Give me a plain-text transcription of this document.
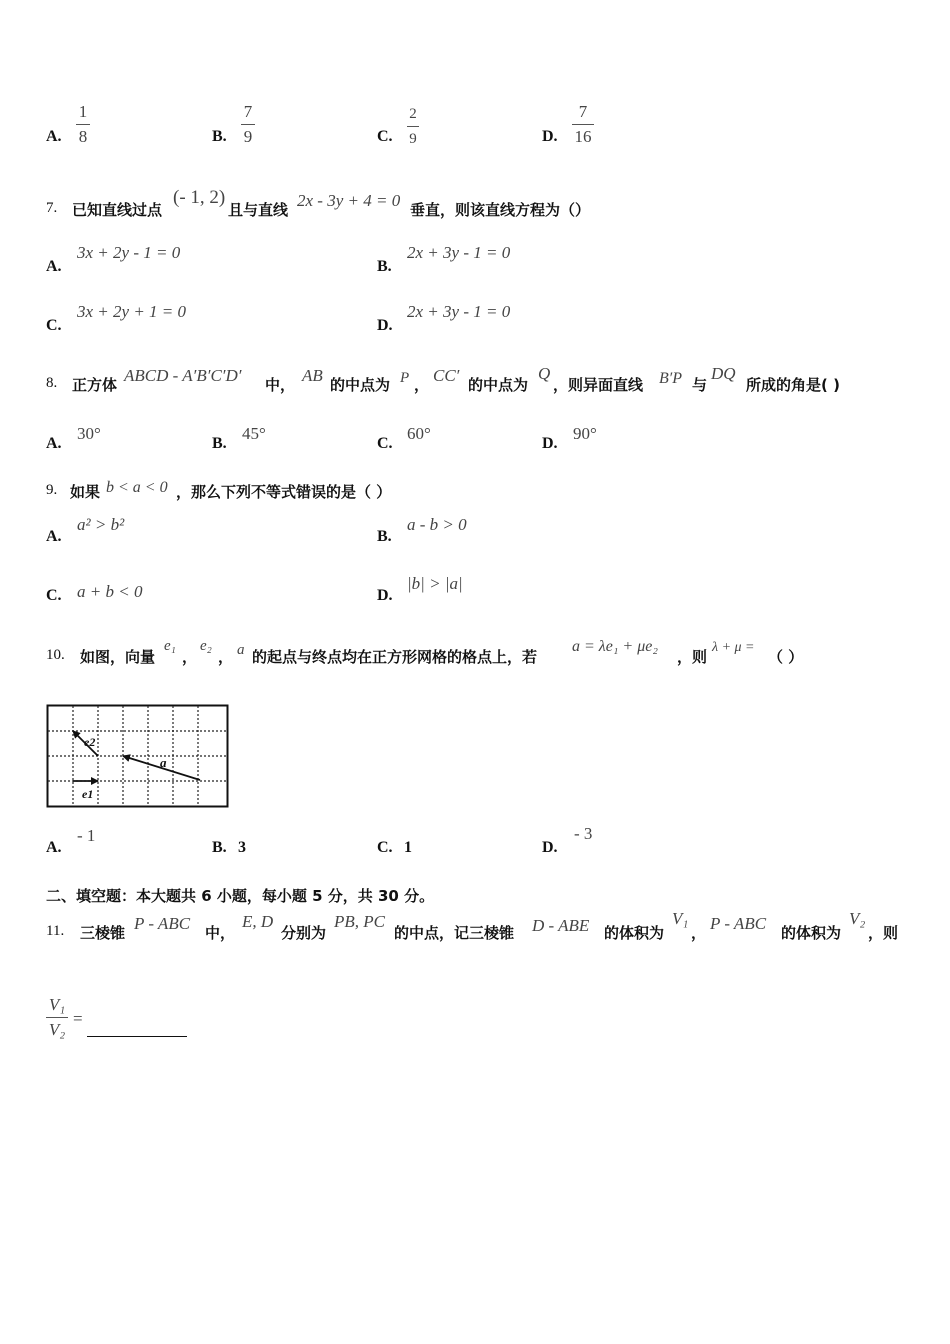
A.
1
8	B.
7
9	C.
2
9	D.
7
16
7. 已知直线过点
(- 1, 2)
且与直线 2x - 3y + 4 = 0 垂直，则该直线方程为（）
A.
3x + 2y - 1 = 0
B.
2x + 3y - 1 = 0
C.
3x + 2y + 1 = 0
D.
2x + 3y - 1 = 0
8. 正方体 ABCD - A′B′C′D′ 中， AB 的中点为 P ， CC′ 的中点为
Q
，则异面直线 B′P 与
DQ
所成的角是( )
A.
30°
B.
45°
C.
60°
D.
90°
9. 如果 b < a < 0 ，那么下列不等式错误的是（ ）
A.
a² > b²
B.
a - b > 0
C. a + b < 0	D.
|b| > |a|
10. 如图，向量
e₁
，
e₂
， a 的起点与终点均在正方形网格的格点上，若
a = λe₁ + μe₂
，则
λ + μ =
（ ）
e1
e2
a
A.
- 1
B. 3	C. 1	D.
- 3
二、填空题：本大题共 6 小题，每小题 5 分，共 30 分。
11. 三棱锥 P - ABC 中，
E, D
分别为
PB, PC
的中点，记三棱锥 D - ABE 的体积为
V₁
， P - ABC 的体积为
V₂
，则
V₁
V₂
=
